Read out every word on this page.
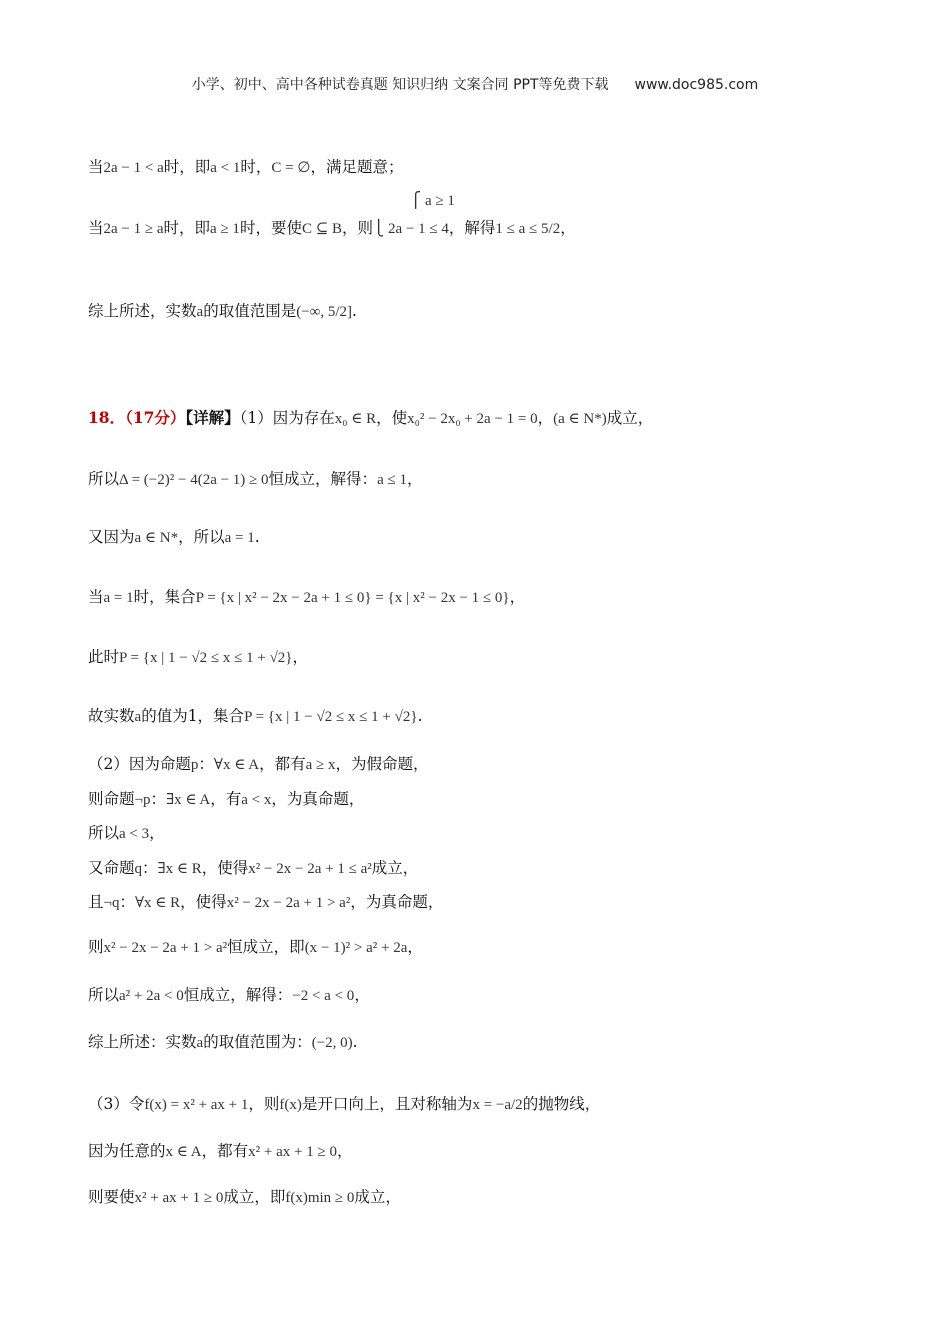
小学、初中、高中各种试卷真题 知识归纳 文案合同 PPT等免费下载 www.doc985.com
当2a − 1 < a时，即a < 1时，C = ∅，满足题意；
⎧ a ≥ 1
当2a − 1 ≥ a时，即a ≥ 1时，要使C ⊆ B，则⎩ 2a − 1 ≤ 4，解得1 ≤ a ≤ 5/2，
综上所述，实数a的取值范围是(−∞, 5/2].
18．（17分）【详解】（1）因为存在x₀ ∈ R，使x₀² − 2x₀ + 2a − 1 = 0，(a ∈ N*)成立，
所以Δ = (−2)² − 4(2a − 1) ≥ 0恒成立，解得：a ≤ 1，
又因为a ∈ N*，所以a = 1.
当a = 1时，集合P = {x | x² − 2x − 2a + 1 ≤ 0} = {x | x² − 2x − 1 ≤ 0}，
此时P = {x | 1 − √2 ≤ x ≤ 1 + √2}，
故实数a的值为1，集合P = {x | 1 − √2 ≤ x ≤ 1 + √2}.
（2）因为命题p：∀x ∈ A，都有a ≥ x，为假命题，
则命题¬p：∃x ∈ A，有a < x，为真命题，
所以a < 3，
又命题q：∃x ∈ R，使得x² − 2x − 2a + 1 ≤ a²成立，
且¬q：∀x ∈ R，使得x² − 2x − 2a + 1 > a²，为真命题，
则x² − 2x − 2a + 1 > a²恒成立，即(x − 1)² > a² + 2a，
所以a² + 2a < 0恒成立，解得：−2 < a < 0，
综上所述：实数a的取值范围为：(−2, 0).
（3）令f(x) = x² + ax + 1，则f(x)是开口向上，且对称轴为x = −a/2的抛物线，
因为任意的x ∈ A，都有x² + ax + 1 ≥ 0，
则要使x² + ax + 1 ≥ 0成立，即f(x)min ≥ 0成立，
